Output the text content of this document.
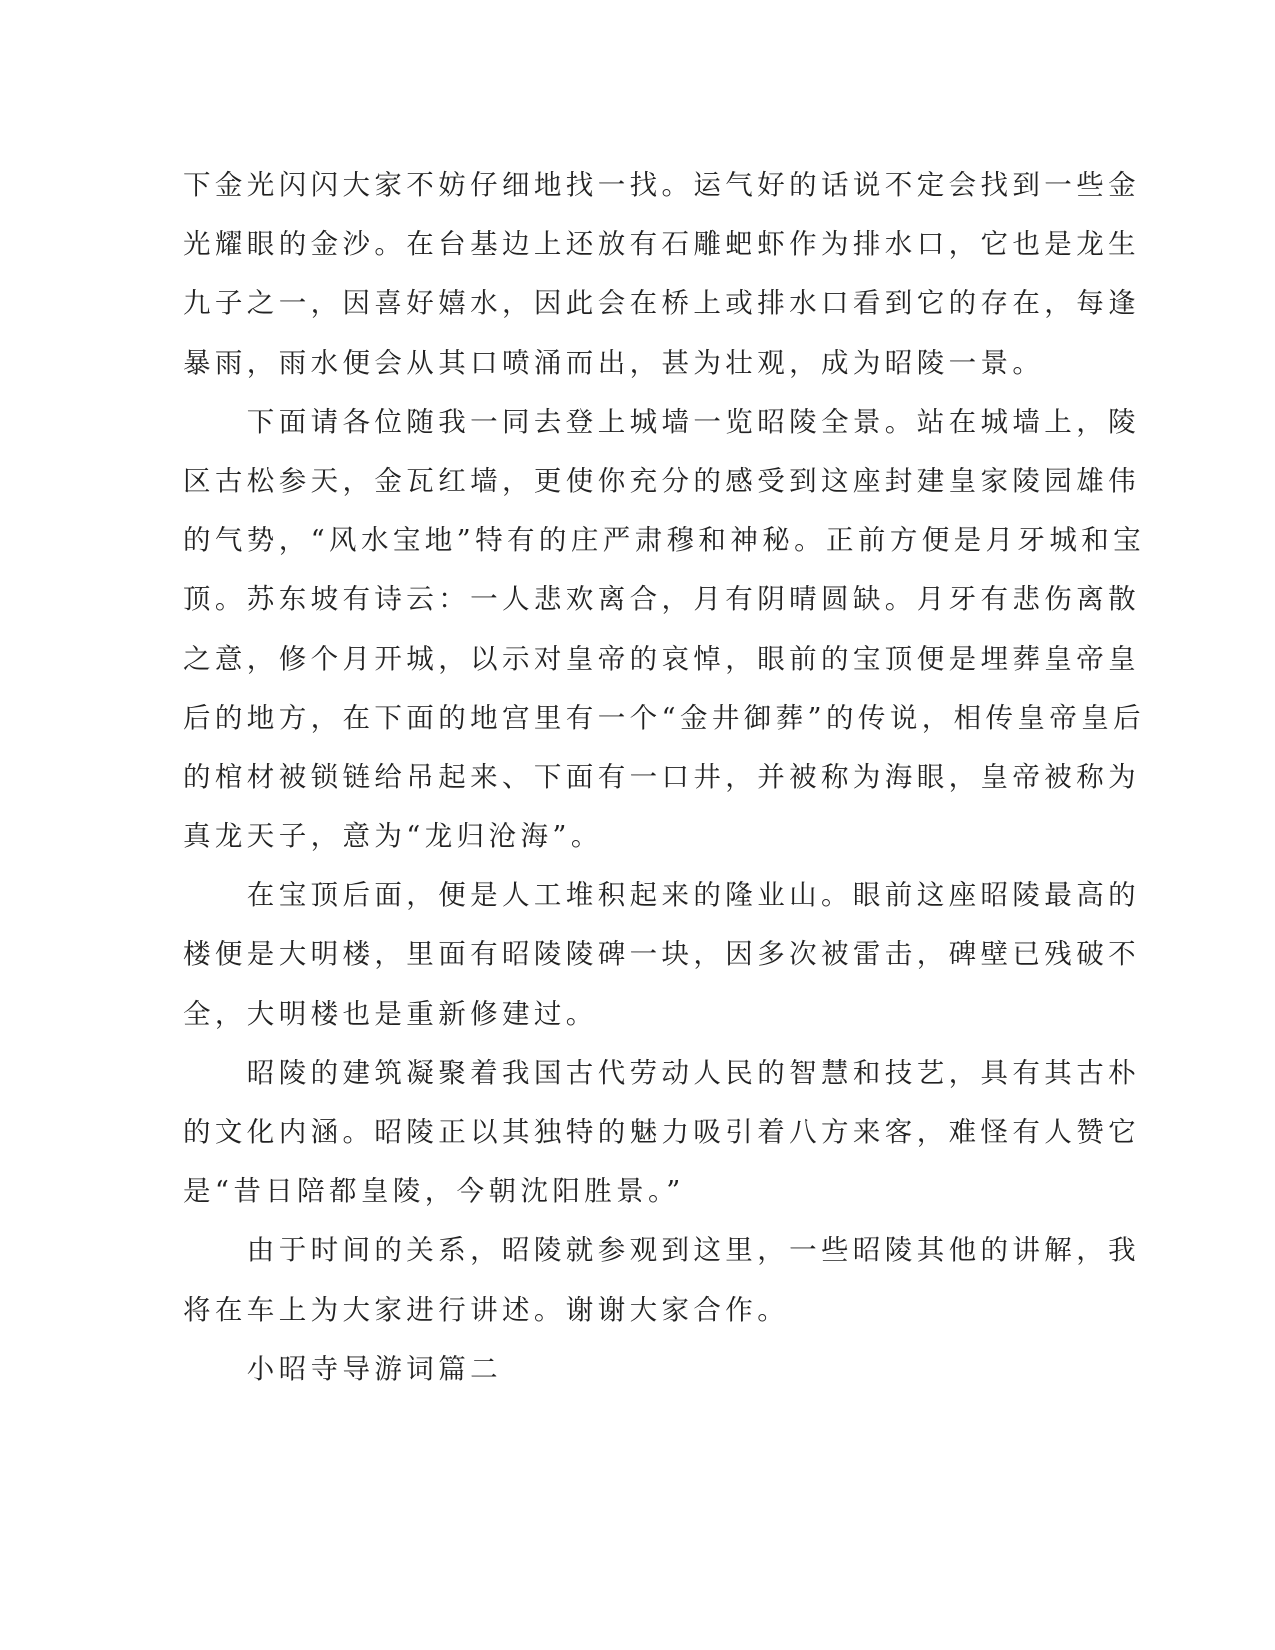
下金光闪闪大家不妨仔细地找一找。运气好的话说不定会找到一些金
光耀眼的金沙。在台基边上还放有石雕蚆虾作为排水口，它也是龙生
九子之一，因喜好嬉水，因此会在桥上或排水口看到它的存在，每逢
暴雨，雨水便会从其口喷涌而出，甚为壮观，成为昭陵一景。
　　下面请各位随我一同去登上城墙一览昭陵全景。站在城墙上，陵
区古松参天，金瓦红墙，更使你充分的感受到这座封建皇家陵园雄伟
的气势，“风水宝地”特有的庄严肃穆和神秘。正前方便是月牙城和宝
顶。苏东坡有诗云：一人悲欢离合，月有阴晴圆缺。月牙有悲伤离散
之意，修个月开城，以示对皇帝的哀悼，眼前的宝顶便是埋葬皇帝皇
后的地方，在下面的地宫里有一个“金井御葬”的传说，相传皇帝皇后
的棺材被锁链给吊起来、下面有一口井，并被称为海眼，皇帝被称为
真龙天子，意为“龙归沧海”。
　　在宝顶后面，便是人工堆积起来的隆业山。眼前这座昭陵最高的
楼便是大明楼，里面有昭陵陵碑一块，因多次被雷击，碑壁已残破不
全，大明楼也是重新修建过。
　　昭陵的建筑凝聚着我国古代劳动人民的智慧和技艺，具有其古朴
的文化内涵。昭陵正以其独特的魅力吸引着八方来客，难怪有人赞它
是“昔日陪都皇陵，今朝沈阳胜景。”
　　由于时间的关系，昭陵就参观到这里，一些昭陵其他的讲解，我
将在车上为大家进行讲述。谢谢大家合作。
　　小昭寺导游词篇二
